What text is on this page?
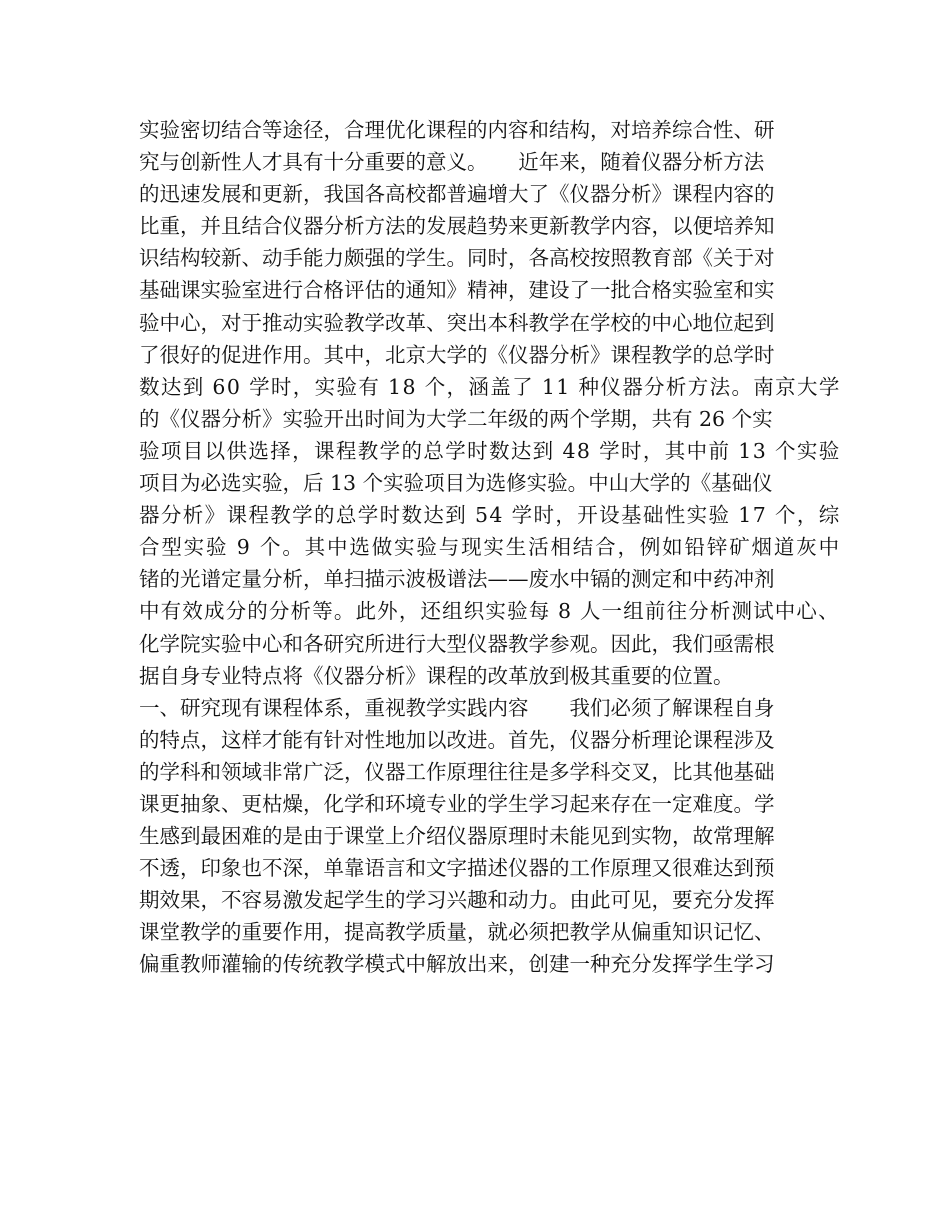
实验密切结合等途径，合理优化课程的内容和结构，对培养综合性、研
究与创新性人才具有十分重要的意义。　　近年来，随着仪器分析方法
的迅速发展和更新，我国各高校都普遍增大了《仪器分析》课程内容的
比重，并且结合仪器分析方法的发展趋势来更新教学内容，以便培养知
识结构较新、动手能力颇强的学生。同时，各高校按照教育部《关于对
基础课实验室进行合格评估的通知》精神，建设了一批合格实验室和实
验中心，对于推动实验教学改革、突出本科教学在学校的中心地位起到
了很好的促进作用。其中，北京大学的《仪器分析》课程教学的总学时
数达到 60 学时，实验有 18 个，涵盖了 11 种仪器分析方法。南京大学
的《仪器分析》实验开出时间为大学二年级的两个学期，共有 26 个实
验项目以供选择，课程教学的总学时数达到 48 学时，其中前 13 个实验
项目为必选实验，后 13 个实验项目为选修实验。中山大学的《基础仪
器分析》课程教学的总学时数达到 54 学时，开设基础性实验 17 个，综
合型实验 9 个。其中选做实验与现实生活相结合，例如铅锌矿烟道灰中
锗的光谱定量分析，单扫描示波极谱法——废水中镉的测定和中药冲剂
中有效成分的分析等。此外，还组织实验每 8 人一组前往分析测试中心、
化学院实验中心和各研究所进行大型仪器教学参观。因此，我们亟需根
据自身专业特点将《仪器分析》课程的改革放到极其重要的位置。
一、研究现有课程体系，重视教学实践内容　　我们必须了解课程自身
的特点，这样才能有针对性地加以改进。首先，仪器分析理论课程涉及
的学科和领域非常广泛，仪器工作原理往往是多学科交叉，比其他基础
课更抽象、更枯燥，化学和环境专业的学生学习起来存在一定难度。学
生感到最困难的是由于课堂上介绍仪器原理时未能见到实物，故常理解
不透，印象也不深，单靠语言和文字描述仪器的工作原理又很难达到预
期效果，不容易激发起学生的学习兴趣和动力。由此可见，要充分发挥
课堂教学的重要作用，提高教学质量，就必须把教学从偏重知识记忆、
偏重教师灌输的传统教学模式中解放出来，创建一种充分发挥学生学习
